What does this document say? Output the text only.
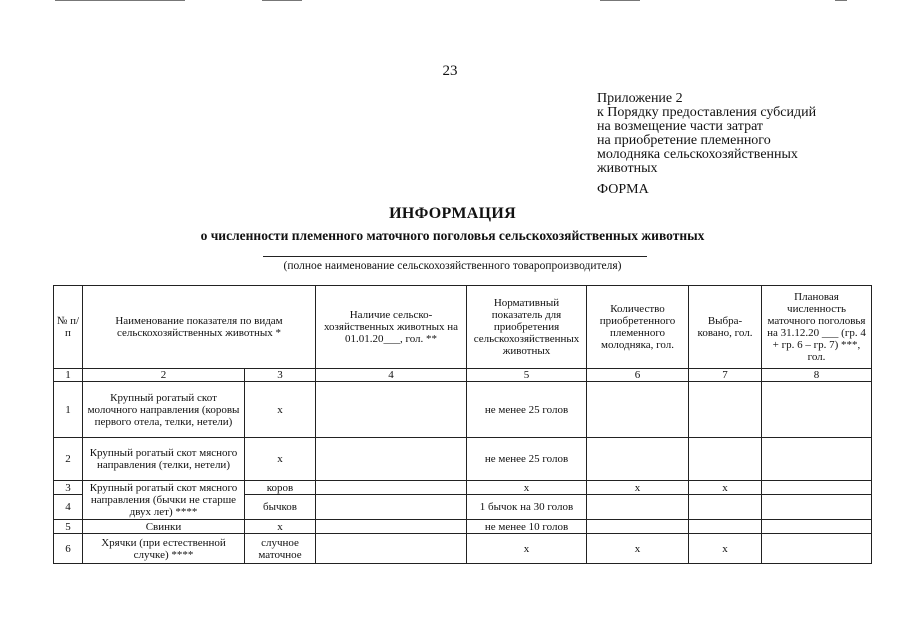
23
Приложение 2
к Порядку предоставления субсидий
на возмещение части затрат
на приобретение племенного
молодняка сельскохозяйственных
животных
ФОРМА
ИНФОРМАЦИЯ
о численности племенного маточного поголовья сельскохозяйственных животных
(полное наименование сельскохозяйственного товаропроизводителя)
№ п/п	Наименование показателя по видам сельскохозяйственных животных *		Наличие сельско-хозяйственных животных на 01.01.20___, гол. **	Нормативный показатель для приобретения сельскохозяйственных животных	Количество приобретенного племенного молодняка, гол.	Выбра-ковано, гол.	Плановая численность маточного поголовья на 31.12.20 ___ (гр. 4 + гр. 6 – гр. 7) ***, гол.
1	2	3	4	5	6	7	8
1	Крупный рогатый скот молочного направления (коровы первого отела, телки, нетели)	х		не менее 25 голов			
2	Крупный рогатый скот мясного направления (телки, нетели)	х		не менее 25 голов			
3	Крупный рогатый скот мясного направления (бычки не старше двух лет) ****	коров		х	х	х	
4		бычков		1 бычок на 30 голов			
5	Свинки	х		не менее 10 голов			
6	Хрячки (при естественной случке) ****	случное маточное		х	х	х	
